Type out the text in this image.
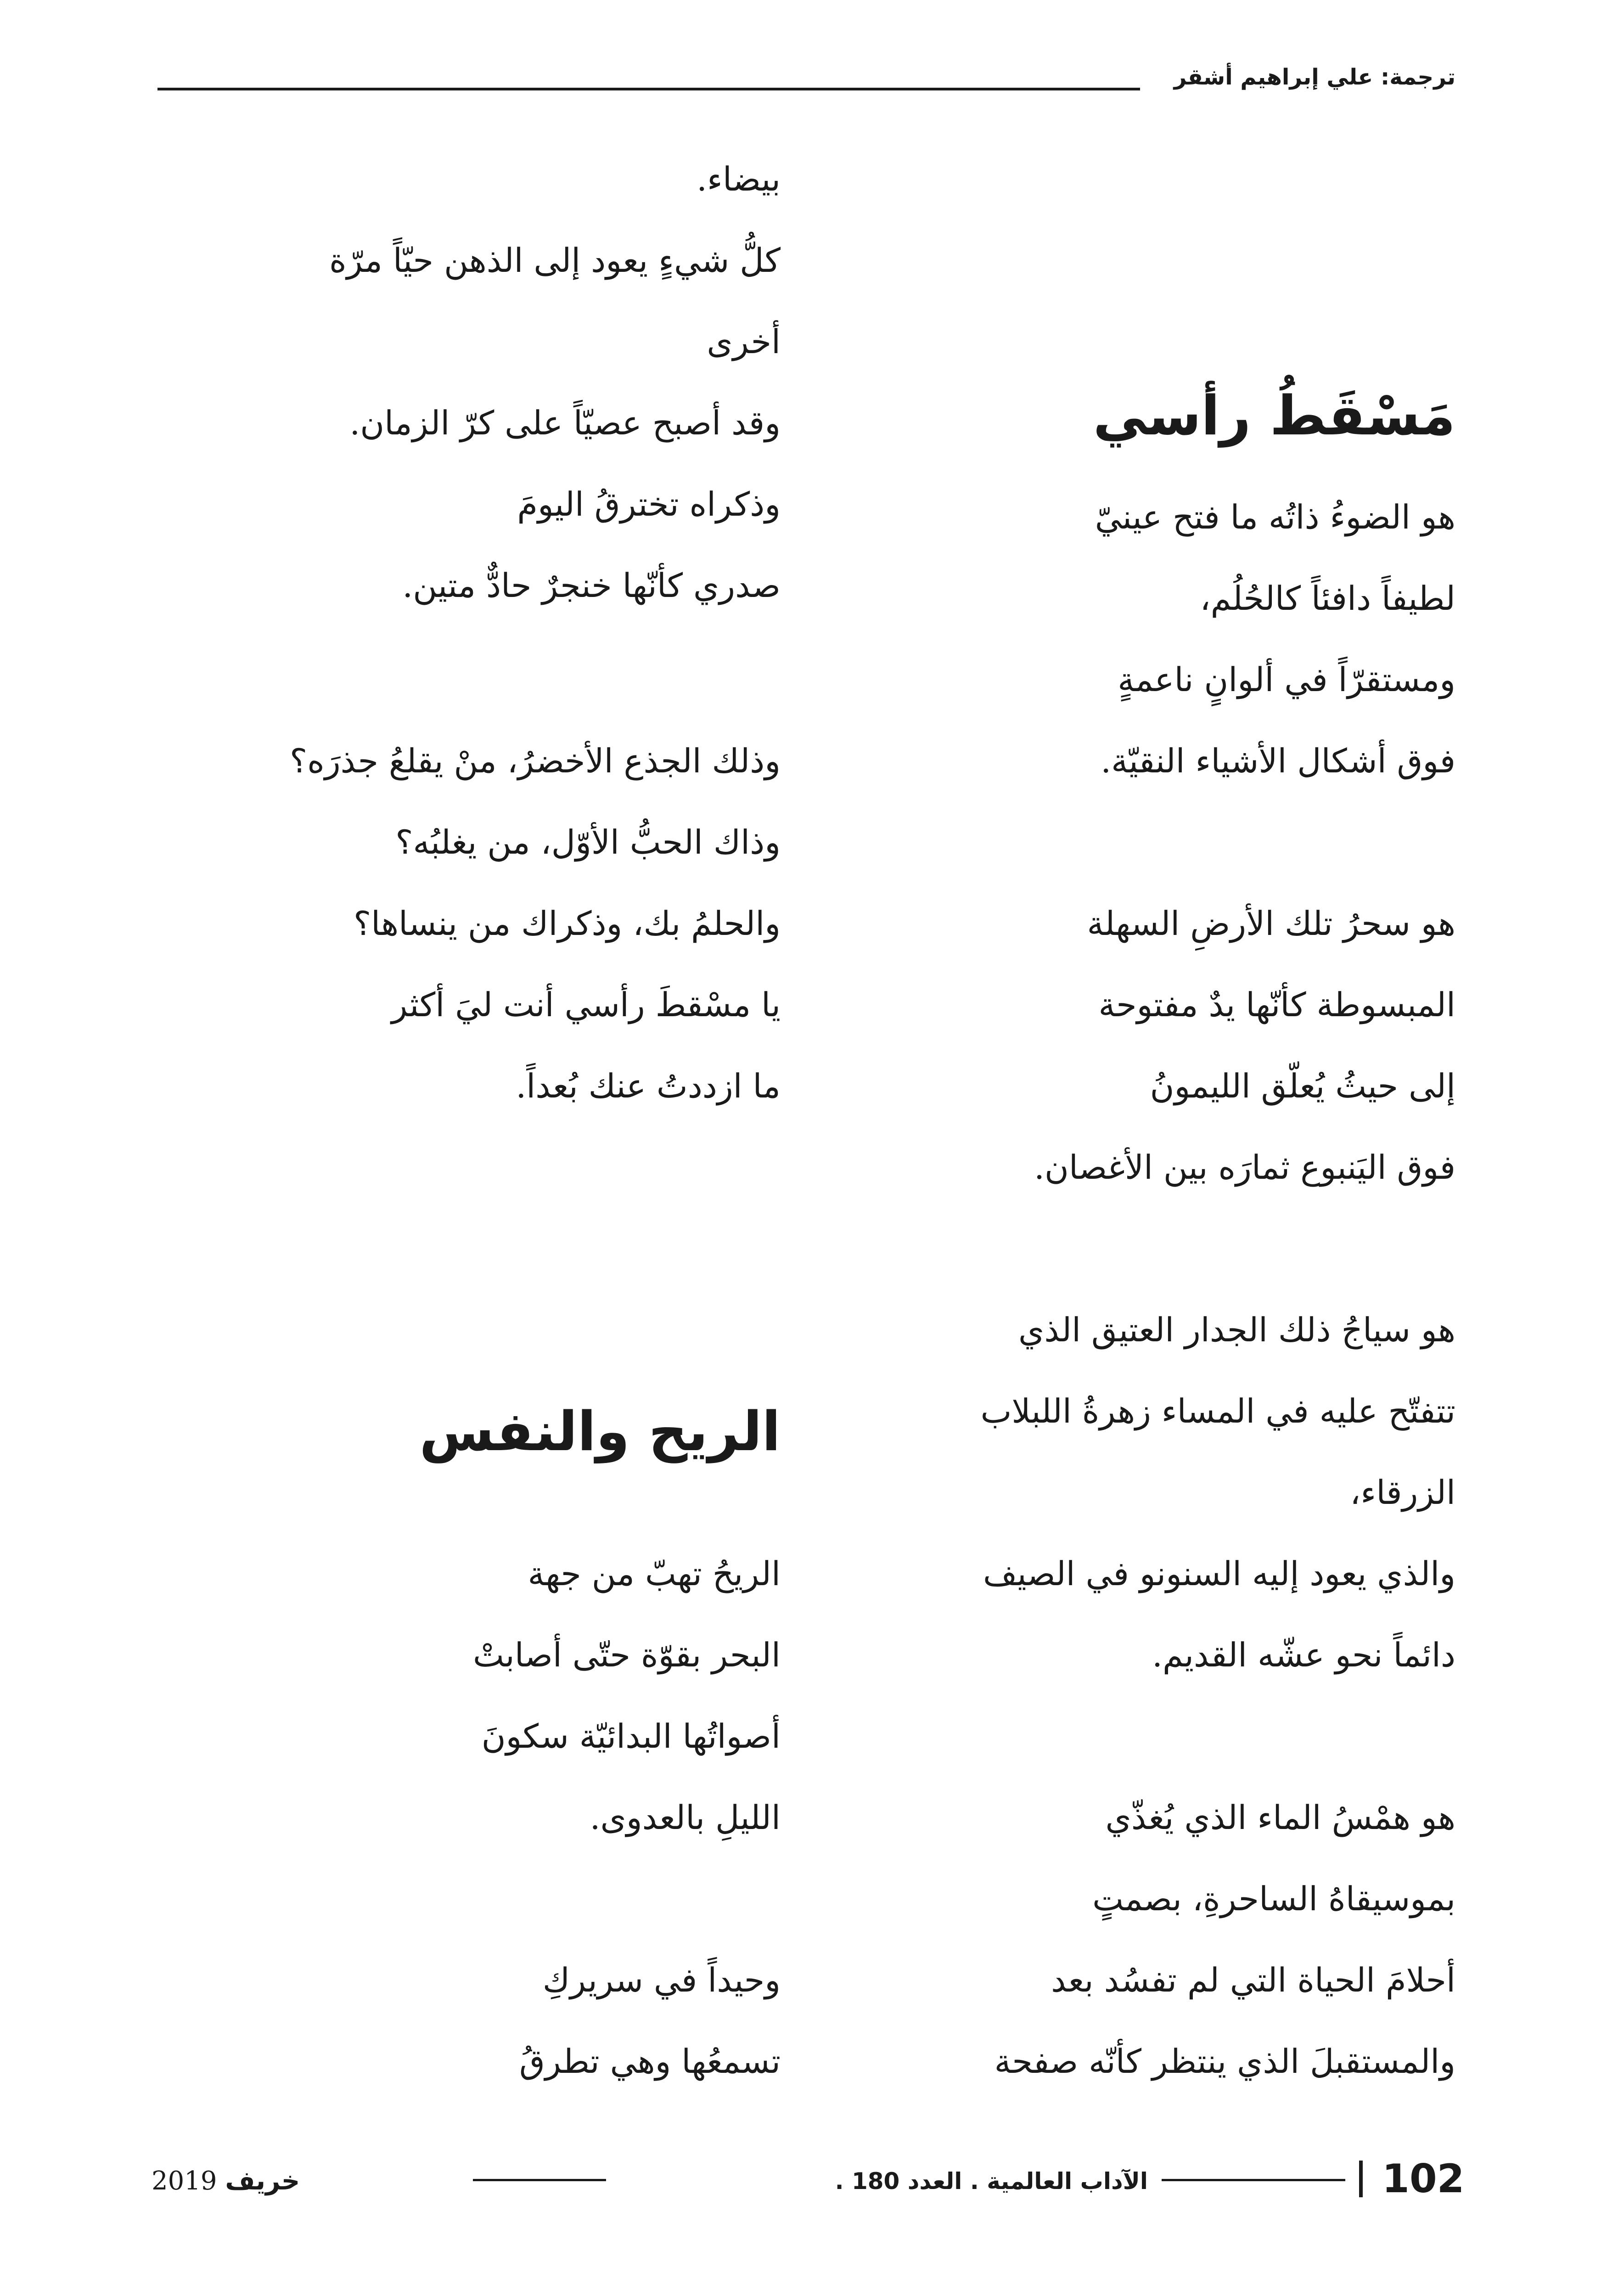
ترجمة: علي إبراهيم أشقر
مَسْقَطُ رأسي
هو الضوءُ ذاتُه ما فتح عينيّ
لطيفاً دافئاً كالحُلُم،
ومستقرّاً في ألوانٍ ناعمةٍ
فوق أشكال الأشياء النقيّة.
هو سحرُ تلك الأرضِ السهلة
المبسوطة كأنّها يدٌ مفتوحة
إلى حيثُ يُعلّق الليمونُ
فوق اليَنبوع ثمارَه بين الأغصان.
هو سياجُ ذلك الجدار العتيق الذي
تتفتّح عليه في المساء زهرةُ اللبلاب
الزرقاء،
والذي يعود إليه السنونو في الصيف
دائماً نحو عشّه القديم.
هو همْسُ الماء الذي يُغذّي
بموسيقاهُ الساحرةِ، بصمتٍ
أحلامَ الحياة التي لم تفسُد بعد
والمستقبلَ الذي ينتظر كأنّه صفحة
بيضاء.
كلُّ شيءٍ يعود إلى الذهن حيّاً مرّة
أخرى
وقد أصبح عصيّاً على كرّ الزمان.
وذكراه تخترقُ اليومَ
صدري كأنّها خنجرٌ حادٌّ متين.
وذلك الجذع الأخضرُ، منْ يقلعُ جذرَه؟
وذاك الحبُّ الأوّل، من يغلبُه؟
والحلمُ بك، وذكراك من ينساها؟
يا مسْقطَ رأسي أنت ليَ أكثر
ما ازددتُ عنك بُعداً.
الريح والنفس
الريحُ تهبّ من جهة
البحر بقوّة حتّى أصابتْ
أصواتُها البدائيّة سكونَ
الليلِ بالعدوى.
وحيداً في سريركِ
تسمعُها وهي تطرقُ
102
الآداب العالمية . العدد 180 .
خريف 2019
